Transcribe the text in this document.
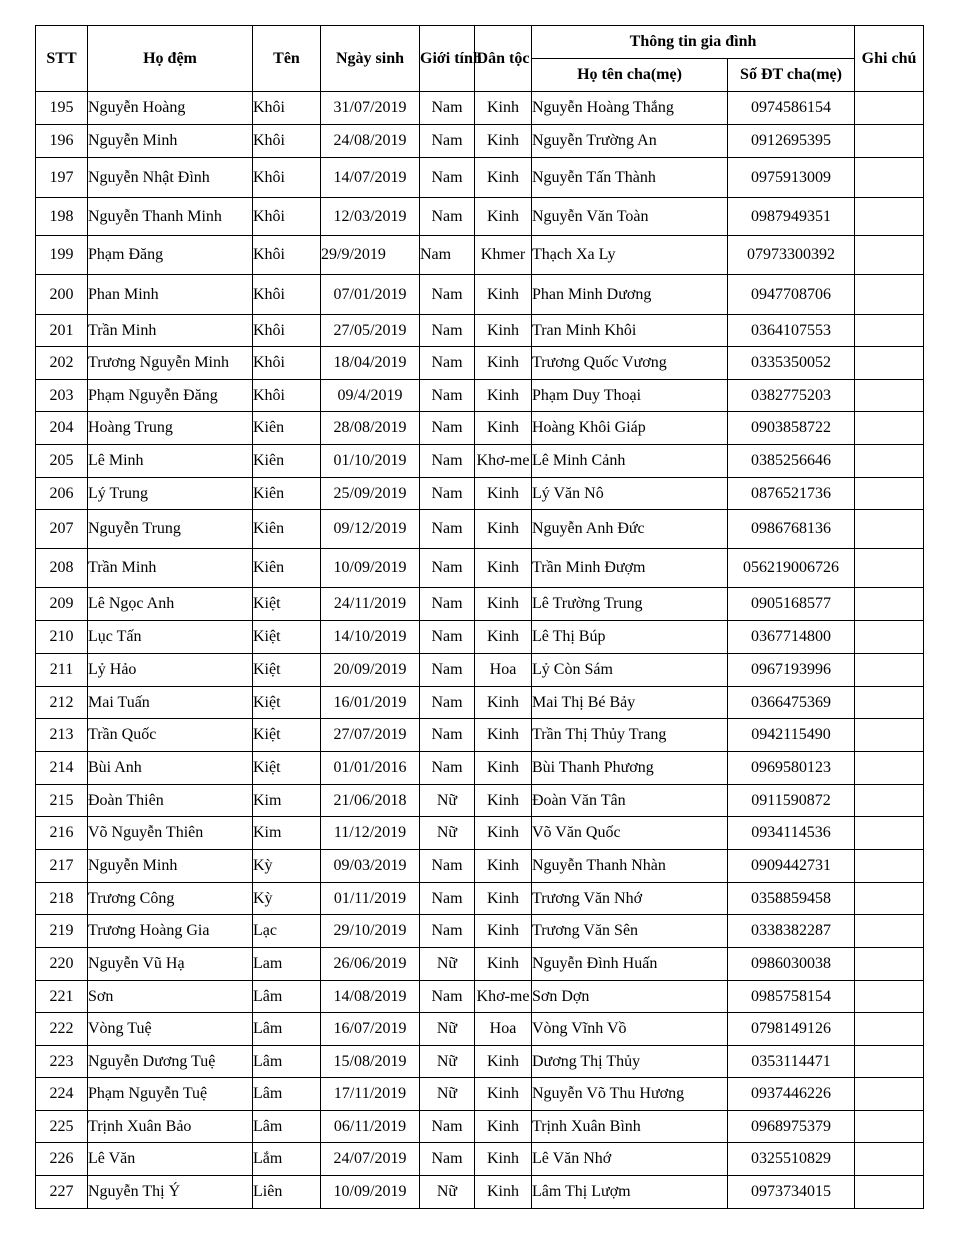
STT	Họ đệm	Tên	Ngày sinh	Giới tính	Dân tộc	Thông tin gia đình		Ghi chú
						Họ tên cha(mẹ)	Số ĐT cha(mẹ)	
195	Nguyễn Hoàng	Khôi	31/07/2019	Nam	Kinh	Nguyễn Hoàng Thắng	0974586154	
196	Nguyễn Minh	Khôi	24/08/2019	Nam	Kinh	Nguyễn Trường An	0912695395	
197	Nguyễn Nhật Đình	Khôi	14/07/2019	Nam	Kinh	Nguyễn Tấn Thành	0975913009	
198	Nguyễn Thanh Minh	Khôi	12/03/2019	Nam	Kinh	Nguyễn Văn Toàn	0987949351	
199	Phạm Đăng	Khôi	29/9/2019	Nam	Khmer	Thạch Xa Ly	07973300392	
200	Phan Minh	Khôi	07/01/2019	Nam	Kinh	Phan Minh Dương	0947708706	
201	Trần Minh	Khôi	27/05/2019	Nam	Kinh	Tran Minh Khôi	0364107553	
202	Trương Nguyễn Minh	Khôi	18/04/2019	Nam	Kinh	Trương Quốc Vương	0335350052	
203	Phạm Nguyễn Đăng	Khôi	09/4/2019	Nam	Kinh	Phạm Duy Thoại	0382775203	
204	Hoàng Trung	Kiên	28/08/2019	Nam	Kinh	Hoàng Khôi Giáp	0903858722	
205	Lê Minh	Kiên	01/10/2019	Nam	Khơ-me	Lê Minh Cảnh	0385256646	
206	Lý Trung	Kiên	25/09/2019	Nam	Kinh	Lý Văn Nô	0876521736	
207	Nguyễn Trung	Kiên	09/12/2019	Nam	Kinh	Nguyễn Anh Đức	0986768136	
208	Trần Minh	Kiên	10/09/2019	Nam	Kinh	Trần Minh Đượm	056219006726	
209	Lê Ngọc Anh	Kiệt	24/11/2019	Nam	Kinh	Lê Trường Trung	0905168577	
210	Lục Tấn	Kiệt	14/10/2019	Nam	Kinh	Lê Thị Búp	0367714800	
211	Lỷ Hảo	Kiệt	20/09/2019	Nam	Hoa	Lỷ Còn Sám	0967193996	
212	Mai Tuấn	Kiệt	16/01/2019	Nam	Kinh	Mai Thị Bé Bảy	0366475369	
213	Trần Quốc	Kiệt	27/07/2019	Nam	Kinh	Trần Thị Thủy Trang	0942115490	
214	Bùi Anh	Kiệt	01/01/2016	Nam	Kinh	Bùi Thanh Phương	0969580123	
215	Đoàn Thiên	Kim	21/06/2018	Nữ	Kinh	Đoàn Văn Tân	0911590872	
216	Võ Nguyễn Thiên	Kim	11/12/2019	Nữ	Kinh	Võ Văn Quốc	0934114536	
217	Nguyễn Minh	Kỳ	09/03/2019	Nam	Kinh	Nguyễn Thanh Nhàn	0909442731	
218	Trương Công	Kỳ	01/11/2019	Nam	Kinh	Trương Văn Nhớ	0358859458	
219	Trương Hoàng Gia	Lạc	29/10/2019	Nam	Kinh	Trương Văn Sên	0338382287	
220	Nguyễn Vũ Hạ	Lam	26/06/2019	Nữ	Kinh	Nguyễn Đình Huấn	0986030038	
221	Sơn	Lâm	14/08/2019	Nam	Khơ-me	Sơn Dợn	0985758154	
222	Vòng Tuệ	Lâm	16/07/2019	Nữ	Hoa	Vòng Vĩnh Vồ	0798149126	
223	Nguyễn Dương Tuệ	Lâm	15/08/2019	Nữ	Kinh	Dương Thị Thủy	0353114471	
224	Phạm Nguyễn Tuệ	Lâm	17/11/2019	Nữ	Kinh	Nguyễn Võ Thu Hương	0937446226	
225	Trịnh Xuân Bảo	Lâm	06/11/2019	Nam	Kinh	Trịnh Xuân Bình	0968975379	
226	Lê Văn	Lắm	24/07/2019	Nam	Kinh	Lê Văn Nhớ	0325510829	
227	Nguyễn Thị Ý	Liên	10/09/2019	Nữ	Kinh	Lâm Thị Lượm	0973734015	
